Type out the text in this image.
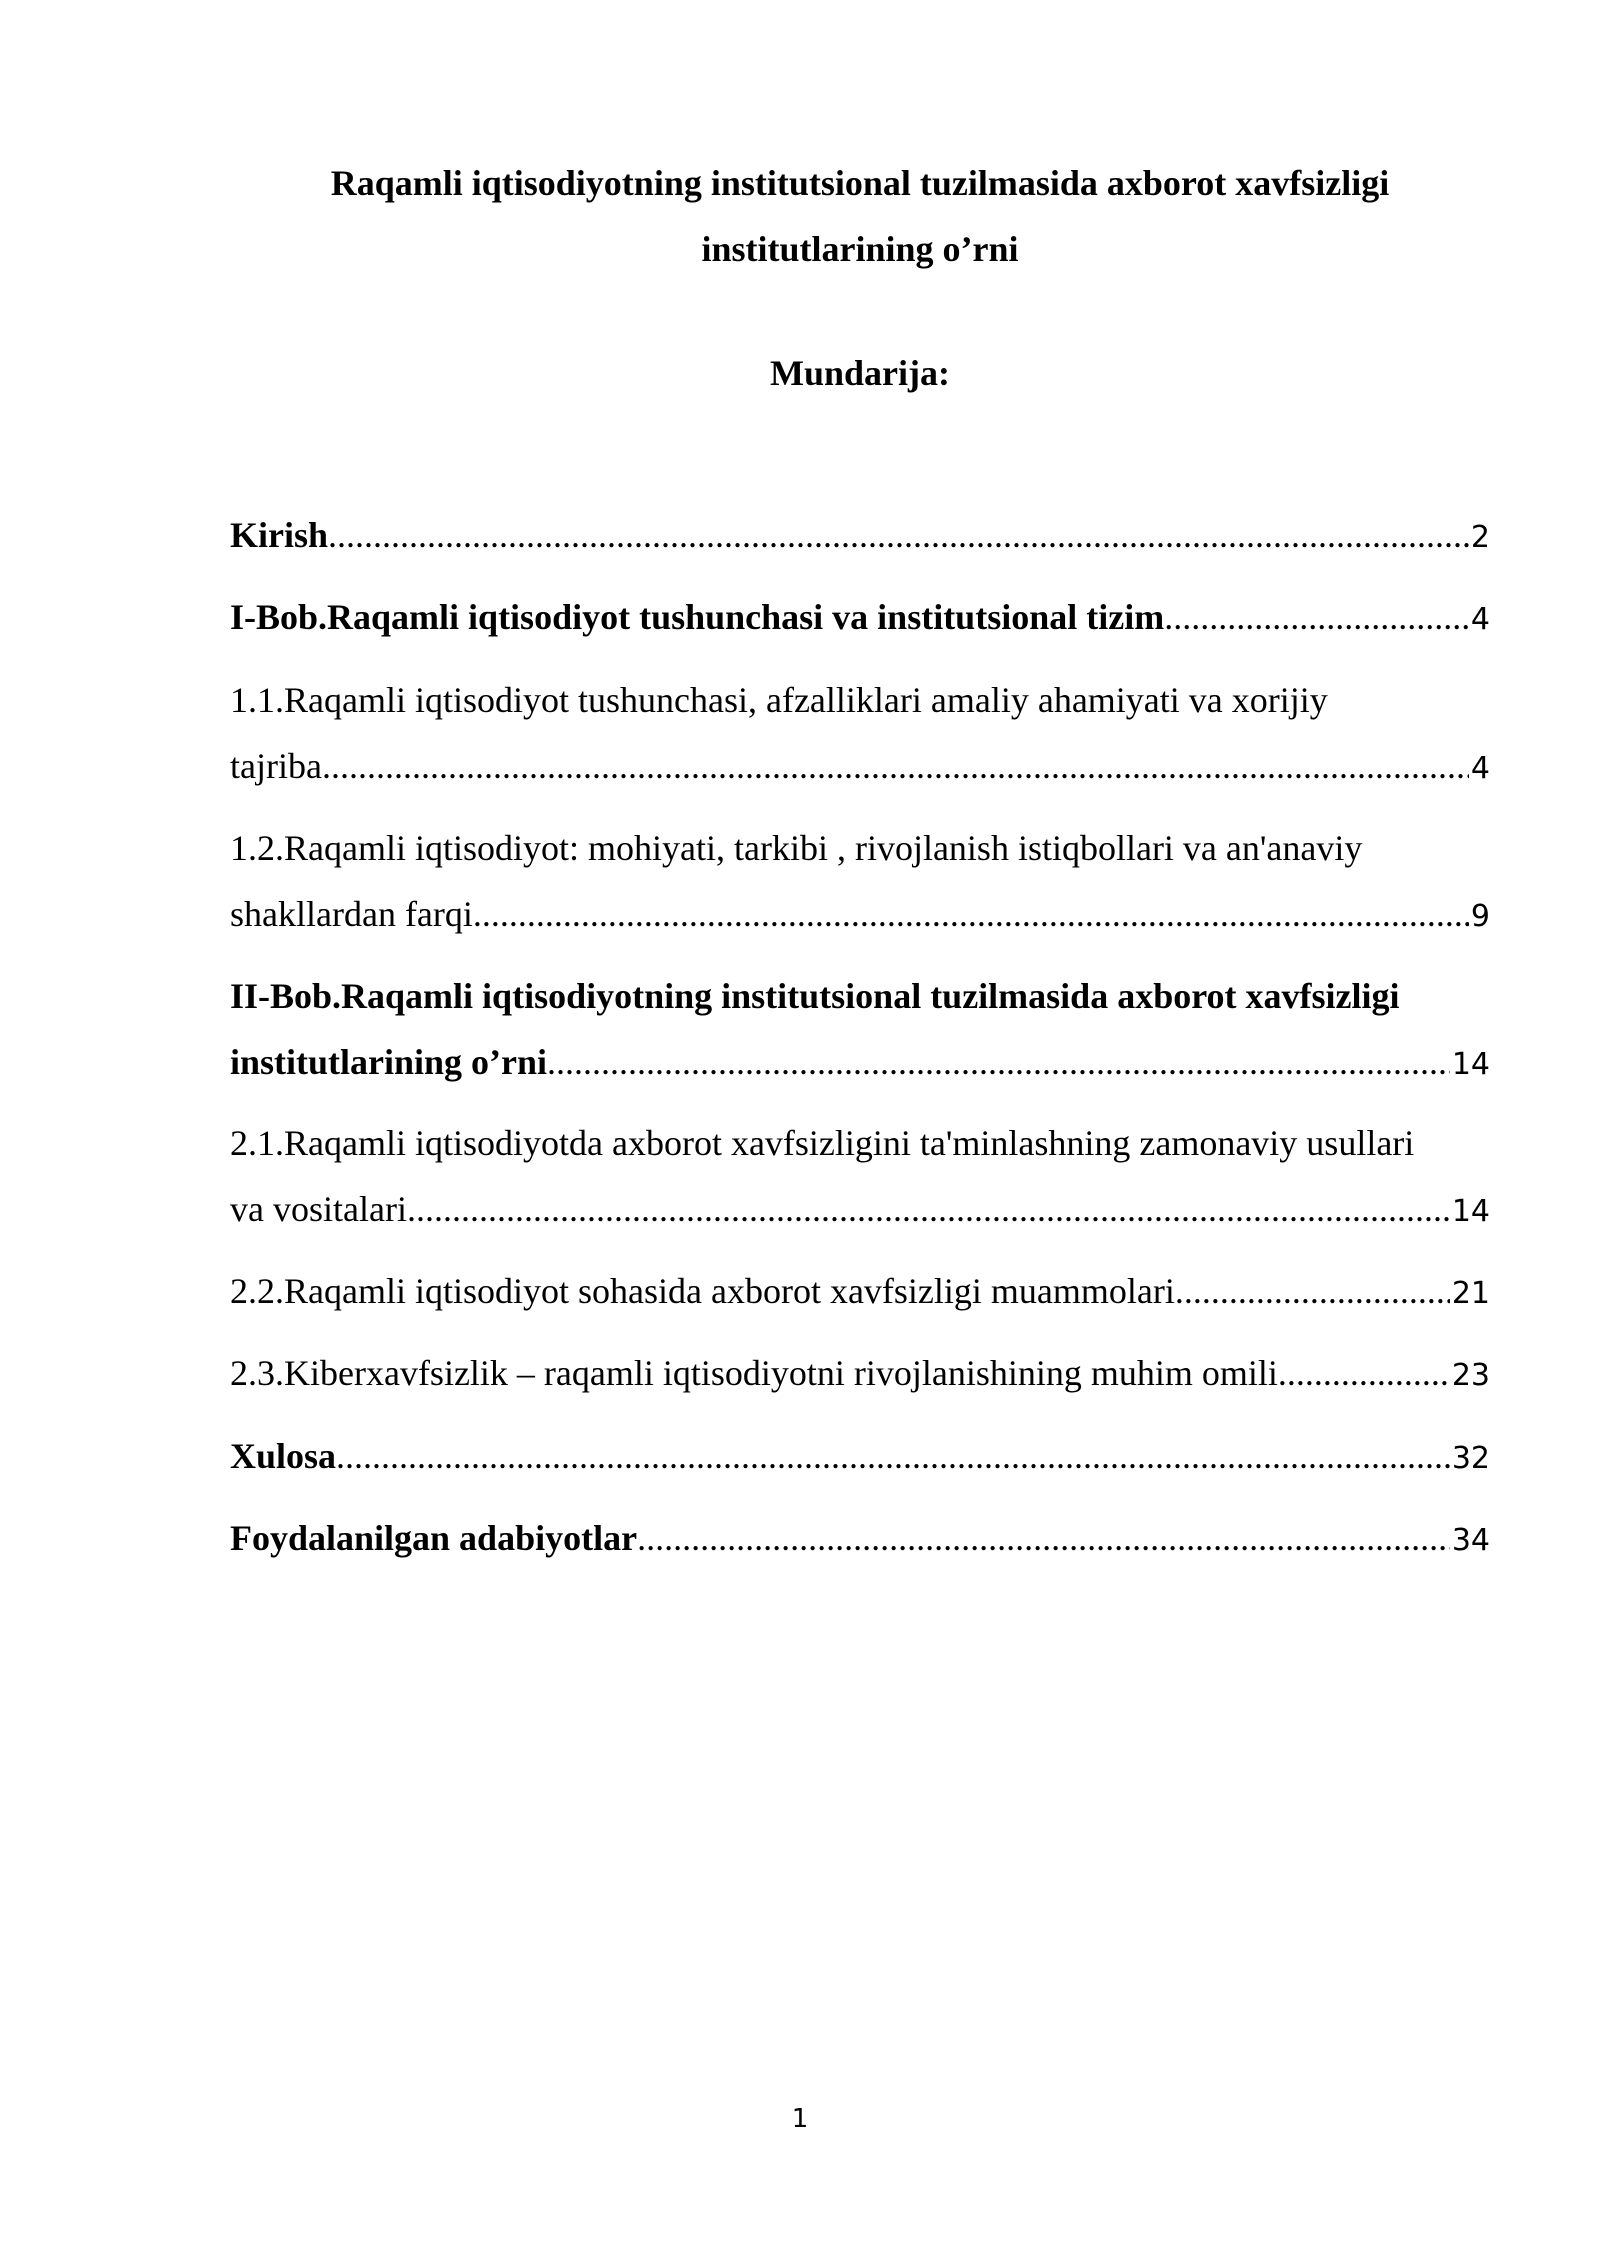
Raqamli iqtisodiyotning institutsional tuzilmasida axborot xavfsizligi
institutlarining o’rni
Mundarija:
Kirish .....	2
I-Bob.Raqamli iqtisodiyot tushunchasi va institutsional tizim .....	4
1.1.Raqamli iqtisodiyot tushunchasi, afzalliklari amaliy ahamiyati va xorijiy
tajriba .....	4
1.2.Raqamli iqtisodiyot: mohiyati, tarkibi , rivojlanish istiqbollari va an'anaviy
shakllardan farqi .....	9
II-Bob.Raqamli iqtisodiyotning institutsional tuzilmasida axborot xavfsizligi
institutlarining o’rni .....	14
2.1.Raqamli iqtisodiyotda axborot xavfsizligini ta'minlashning zamonaviy usullari
va vositalari .....	14
2.2.Raqamli iqtisodiyot sohasida axborot xavfsizligi muammolari .....	21
2.3.Kiberxavfsizlik – raqamli iqtisodiyotni rivojlanishining muhim omili .....	23
Xulosa .....	32
Foydalanilgan adabiyotlar .....	34
1
